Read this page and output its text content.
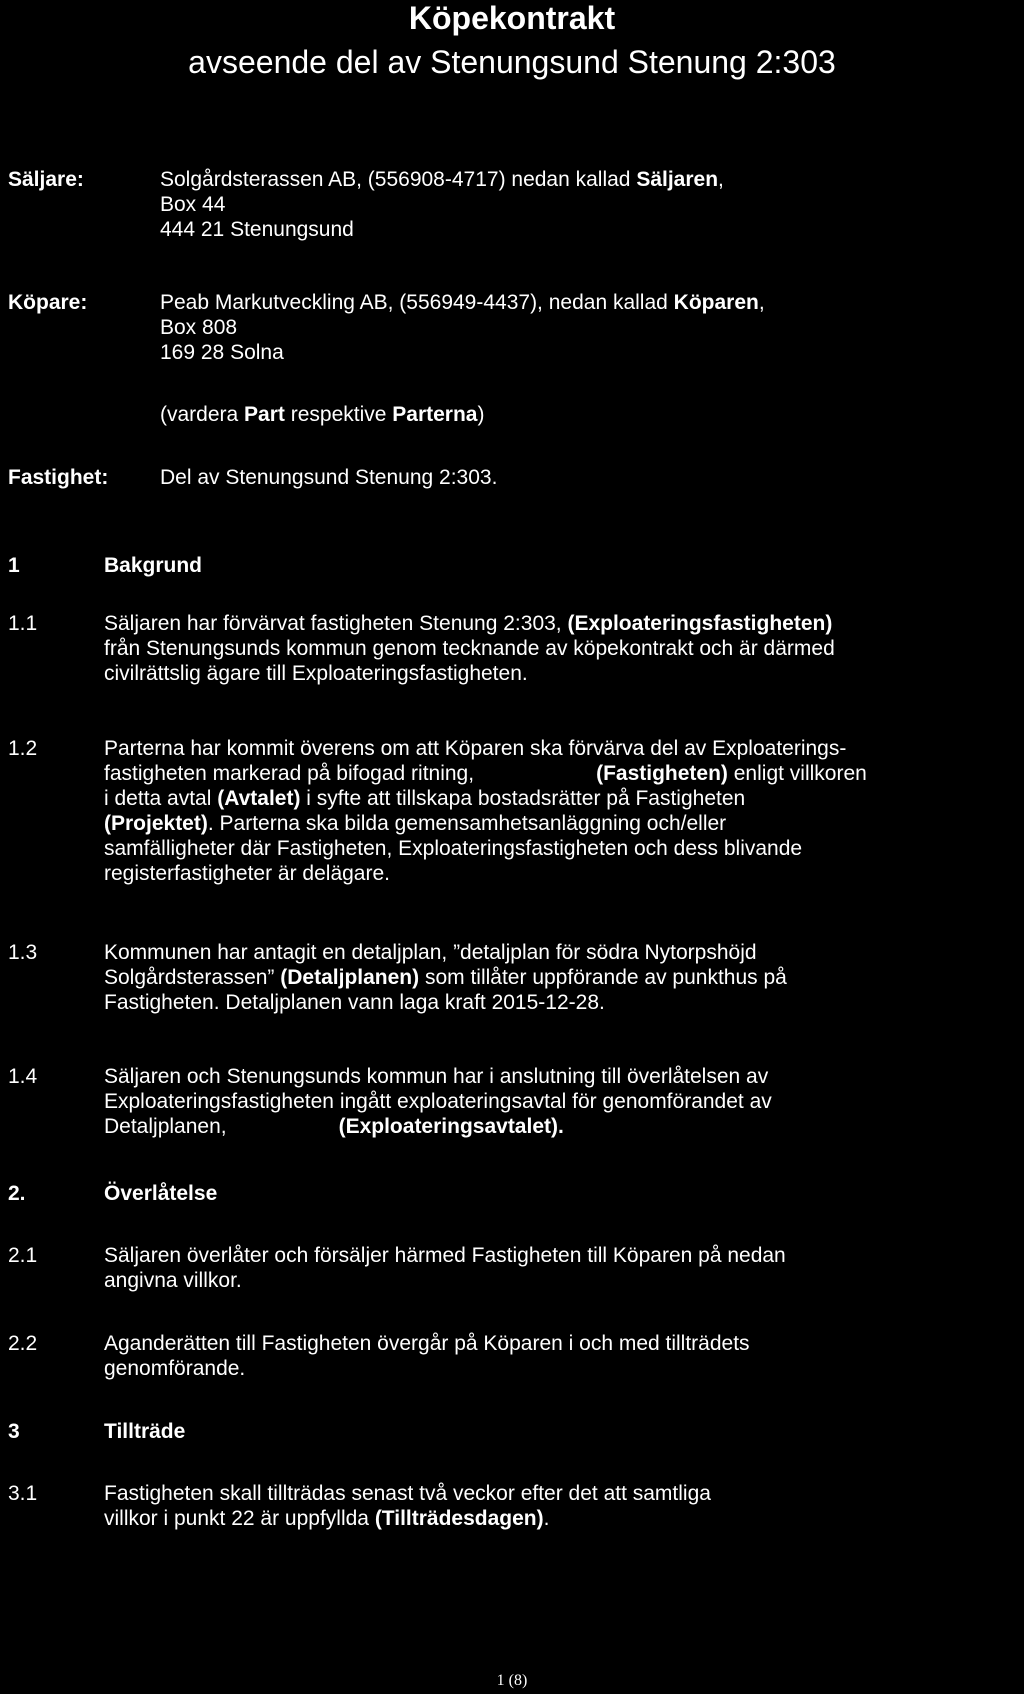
Köpekontrakt
avseende del av Stenungsund Stenung 2:303
Säljare:	Solgårdsterassen AB, (556908-4717) nedan kallad Säljaren,
Box 44
444 21 Stenungsund
Köpare:	Peab Markutveckling AB, (556949-4437), nedan kallad Köparen,
Box 808
169 28 Solna
(vardera Part respektive Parterna)
Fastighet: Del av Stenungsund Stenung 2:303.
1	Bakgrund
1.1	Säljaren har förvärvat fastigheten Stenung 2:303, (Exploateringsfastigheten)
från Stenungsunds kommun genom tecknande av köpekontrakt och är därmed
civilrättslig ägare till Exploateringsfastigheten.
1.2	Parterna har kommit överens om att Köparen ska förvärva del av Exploaterings-
fastigheten markerad på bifogad ritning,	(Fastigheten) enligt villkoren
i detta avtal (Avtalet) i syfte att tillskapa bostadsrätter på Fastigheten
(Projektet). Parterna ska bilda gemensamhetsanläggning och/eller
samfälligheter där Fastigheten, Exploateringsfastigheten och dess blivande
registerfastigheter är delägare.
1.3	Kommunen har antagit en detaljplan, ”detaljplan för södra Nytorpshöjd
Solgårdsterassen” (Detaljplanen) som tillåter uppförande av punkthus på
Fastigheten. Detaljplanen vann laga kraft 2015-12-28.
1.4	Säljaren och Stenungsunds kommun har i anslutning till överlåtelsen av
Exploateringsfastigheten ingått exploateringsavtal för genomförandet av
Detaljplanen,	(Exploateringsavtalet).
2.	Överlåtelse
2.1	Säljaren överlåter och försäljer härmed Fastigheten till Köparen på nedan
angivna villkor.
2.2	Aganderätten till Fastigheten övergår på Köparen i och med tillträdets
genomförande.
3	Tillträde
3.1	Fastigheten skall tillträdas senast två veckor efter det att samtliga
villkor i punkt 22 är uppfyllda (Tillträdesdagen).
1 (8)
